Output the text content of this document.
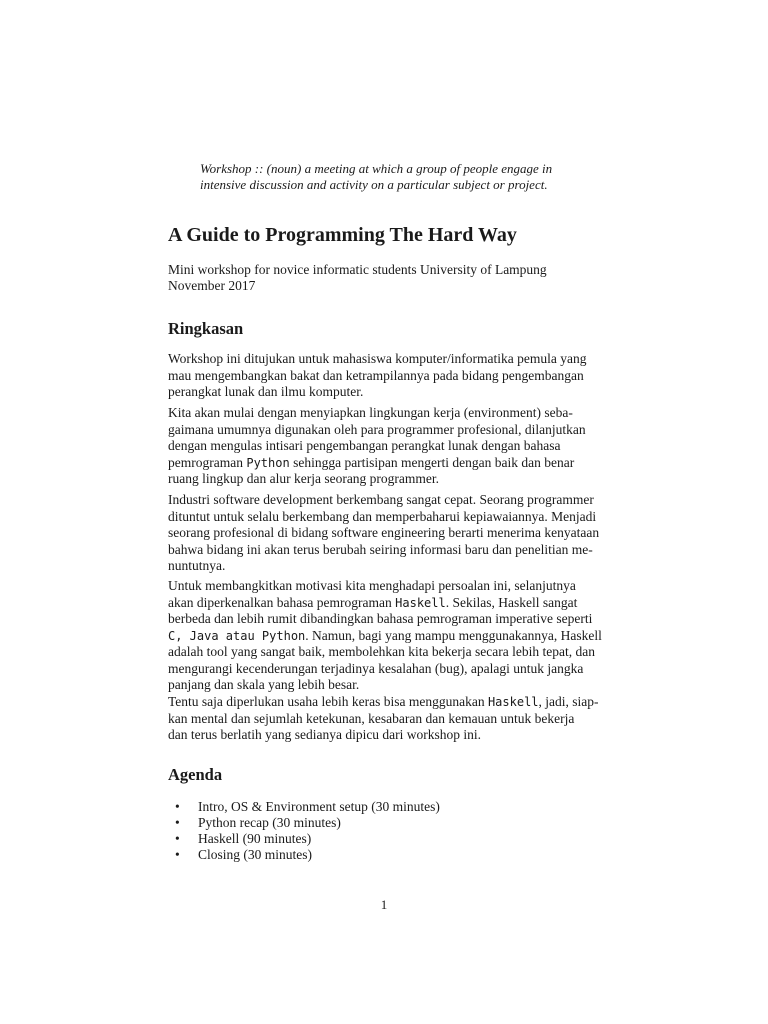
Workshop :: (noun) a meeting at which a group of people engage in
intensive discussion and activity on a particular subject or project.
A Guide to Programming The Hard Way
Mini workshop for novice informatic students University of Lampung
November 2017
Ringkasan
Workshop ini ditujukan untuk mahasiswa komputer/informatika pemula yang
mau mengembangkan bakat dan ketrampilannya pada bidang pengembangan
perangkat lunak dan ilmu komputer.
Kita akan mulai dengan menyiapkan lingkungan kerja (environment) seba-
gaimana umumnya digunakan oleh para programmer profesional, dilanjutkan
dengan mengulas intisari pengembangan perangkat lunak dengan bahasa
pemrograman Python sehingga partisipan mengerti dengan baik dan benar
ruang lingkup dan alur kerja seorang programmer.
Industri software development berkembang sangat cepat. Seorang programmer
dituntut untuk selalu berkembang dan memperbaharui kepiawaiannya. Menjadi
seorang profesional di bidang software engineering berarti menerima kenyataan
bahwa bidang ini akan terus berubah seiring informasi baru dan penelitian me-
nuntutnya.
Untuk membangkitkan motivasi kita menghadapi persoalan ini, selanjutnya
akan diperkenalkan bahasa pemrograman Haskell. Sekilas, Haskell sangat
berbeda dan lebih rumit dibandingkan bahasa pemrograman imperative seperti
C, Java atau Python. Namun, bagi yang mampu menggunakannya, Haskell
adalah tool yang sangat baik, membolehkan kita bekerja secara lebih tepat, dan
mengurangi kecenderungan terjadinya kesalahan (bug), apalagi untuk jangka
panjang dan skala yang lebih besar.
Tentu saja diperlukan usaha lebih keras bisa menggunakan Haskell, jadi, siap-
kan mental dan sejumlah ketekunan, kesabaran dan kemauan untuk bekerja
dan terus berlatih yang sedianya dipicu dari workshop ini.
Agenda
• Intro, OS & Environment setup (30 minutes)
• Python recap (30 minutes)
• Haskell (90 minutes)
• Closing (30 minutes)
1
